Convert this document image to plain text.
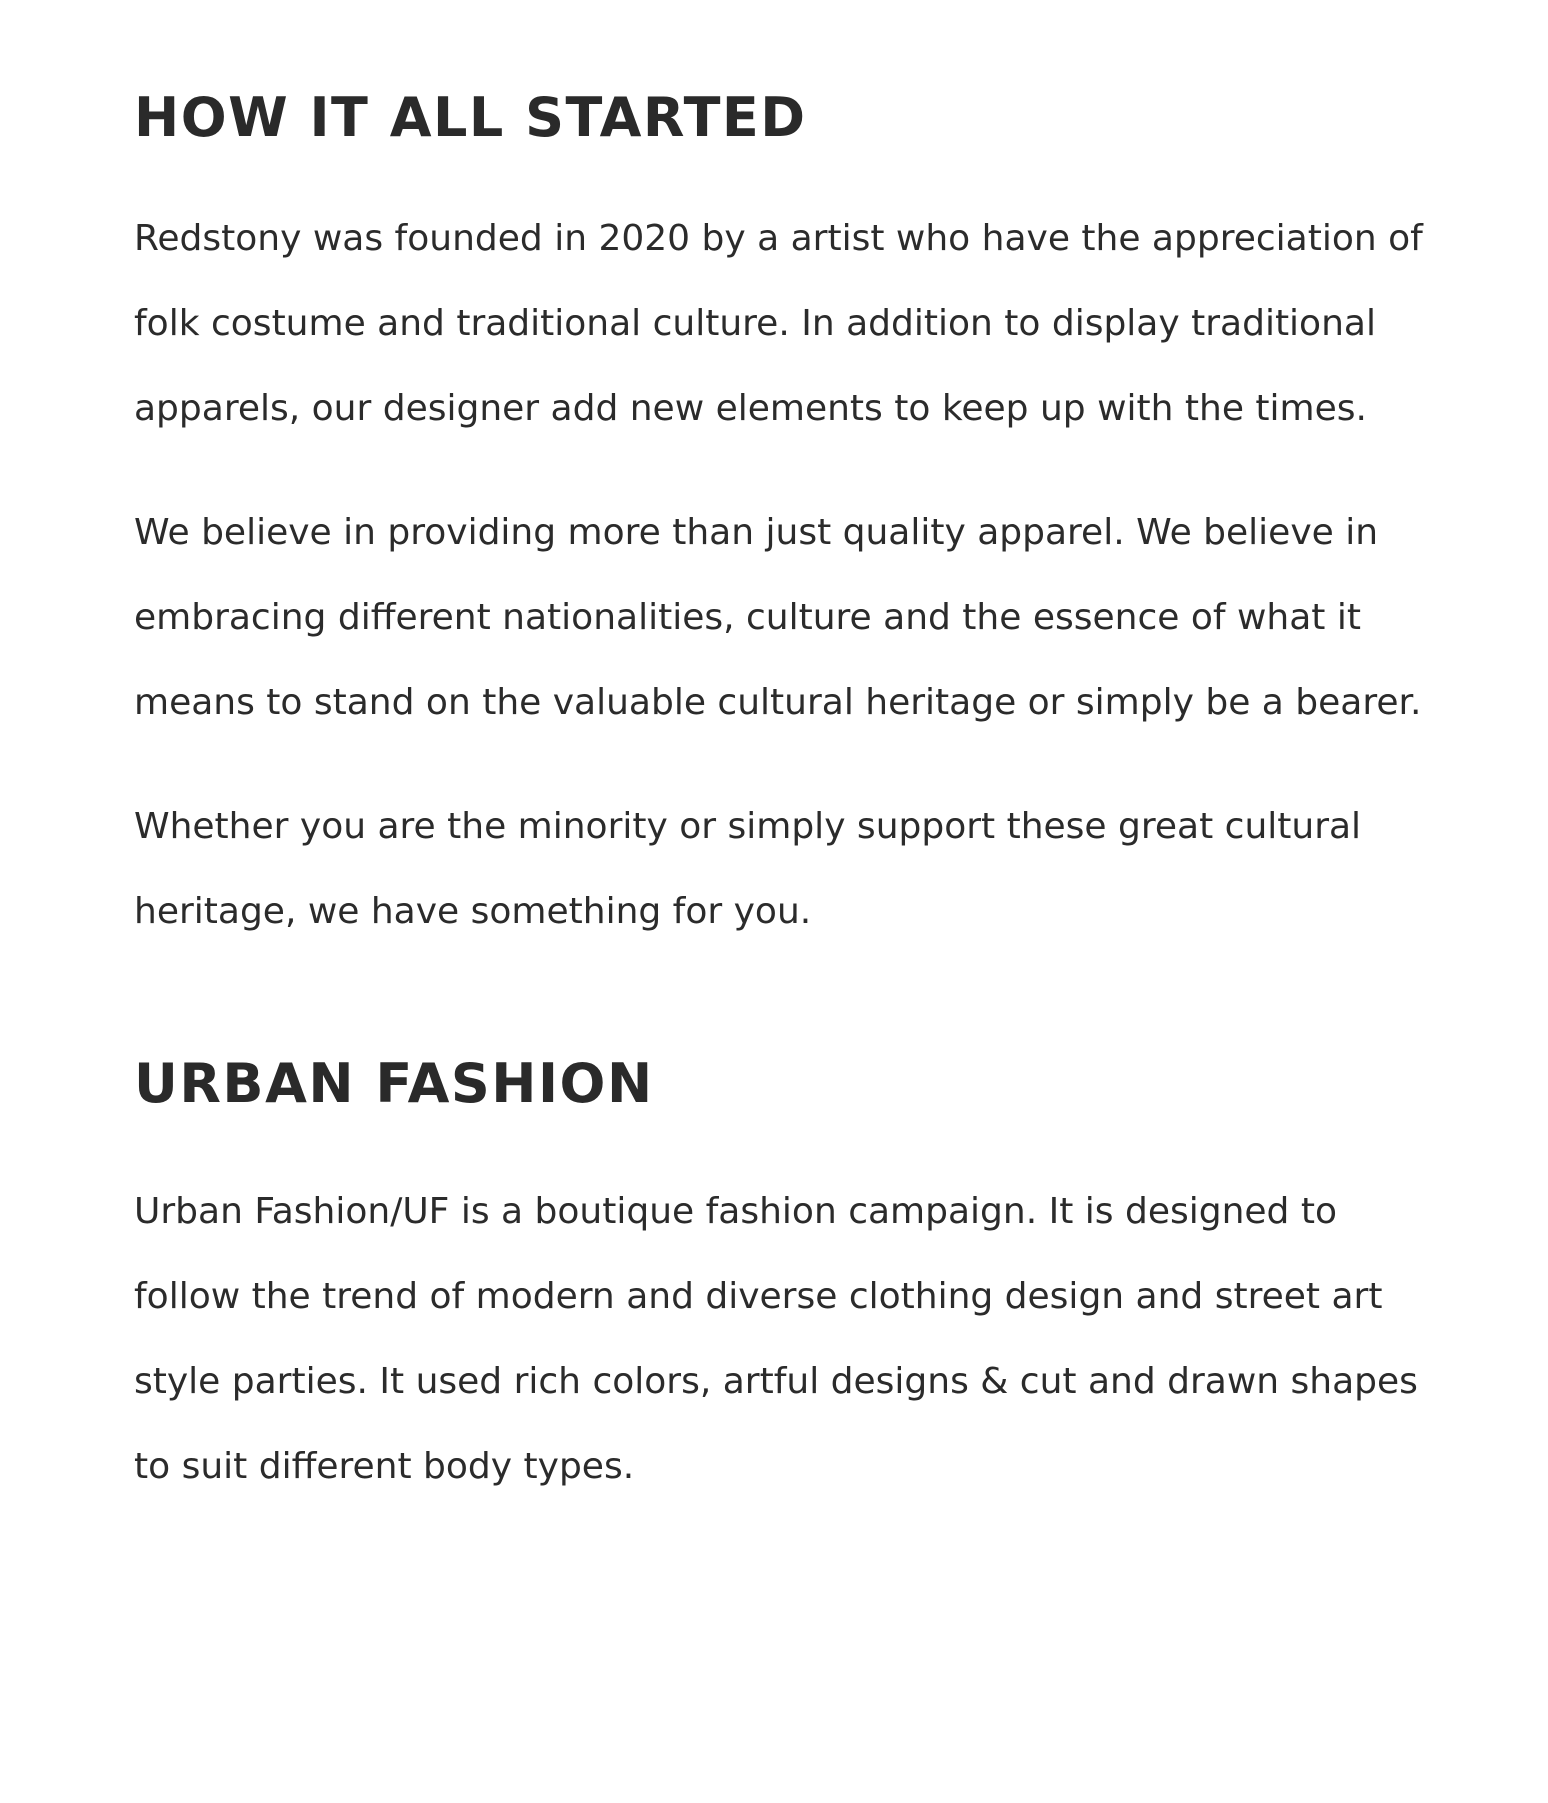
HOW IT ALL STARTED

Redstony was founded in 2020 by a artist who have the appreciation of folk costume and traditional culture. In addition to display traditional apparels, our designer add new elements to keep up with the times.

We believe in providing more than just quality apparel. We believe in embracing different nationalities, culture and the essence of what it means to stand on the valuable cultural heritage or simply be a bearer.

Whether you are the minority or simply support these great cultural heritage, we have something for you.

URBAN FASHION

Urban Fashion/UF is a boutique fashion campaign. It is designed to follow the trend of modern and diverse clothing design and street art style parties. It used rich colors, artful designs & cut and drawn shapes to suit different body types.
